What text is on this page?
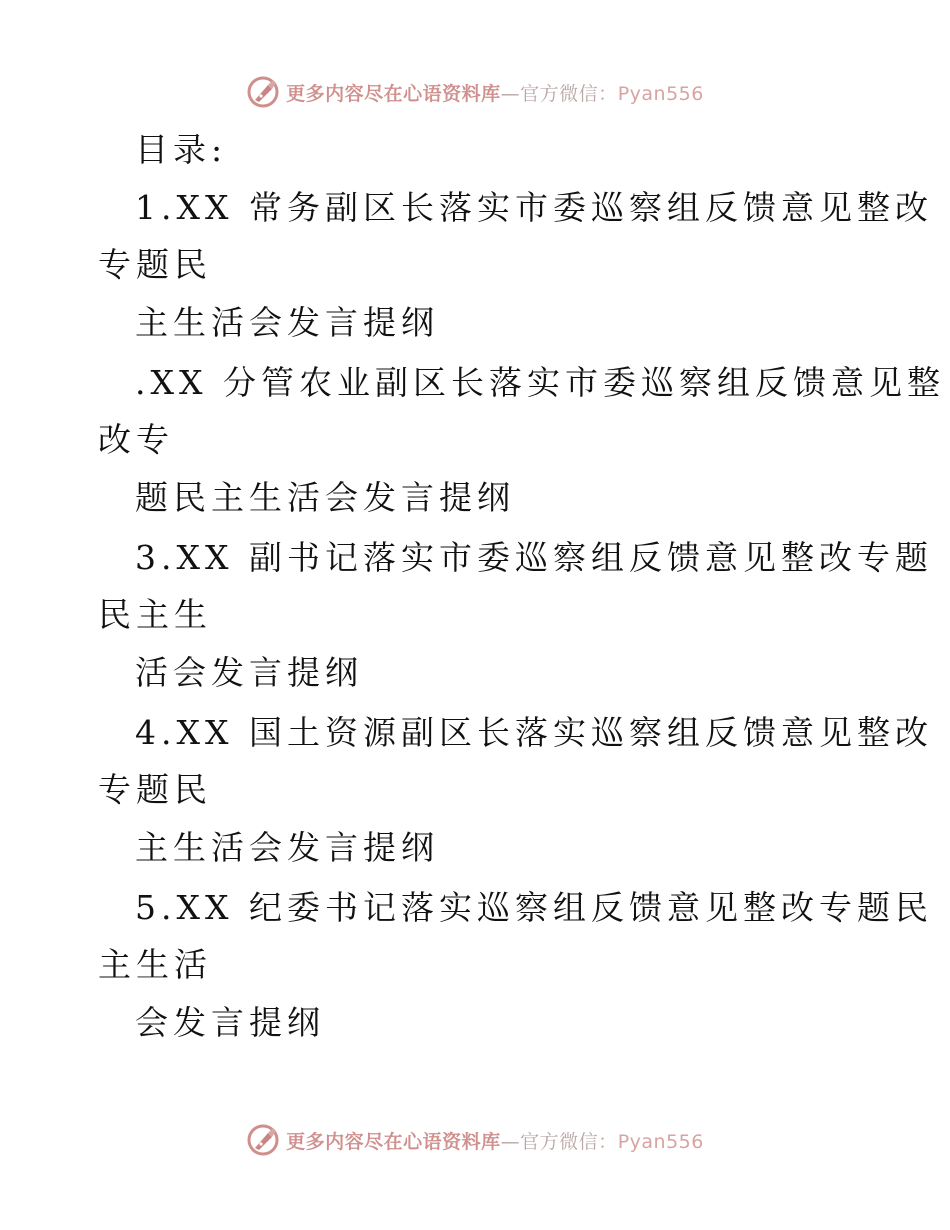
更多内容尽在心语资料库—官方微信：Pyan556
目录:
1.XX 常务副区长落实市委巡察组反馈意见整改
专题民
主生活会发言提纲
.XX 分管农业副区长落实市委巡察组反馈意见整
改专
题民主生活会发言提纲
3.XX 副书记落实市委巡察组反馈意见整改专题
民主生
活会发言提纲
4.XX 国土资源副区长落实巡察组反馈意见整改
专题民
主生活会发言提纲
5.XX 纪委书记落实巡察组反馈意见整改专题民
主生活
会发言提纲
更多内容尽在心语资料库—官方微信：Pyan556
